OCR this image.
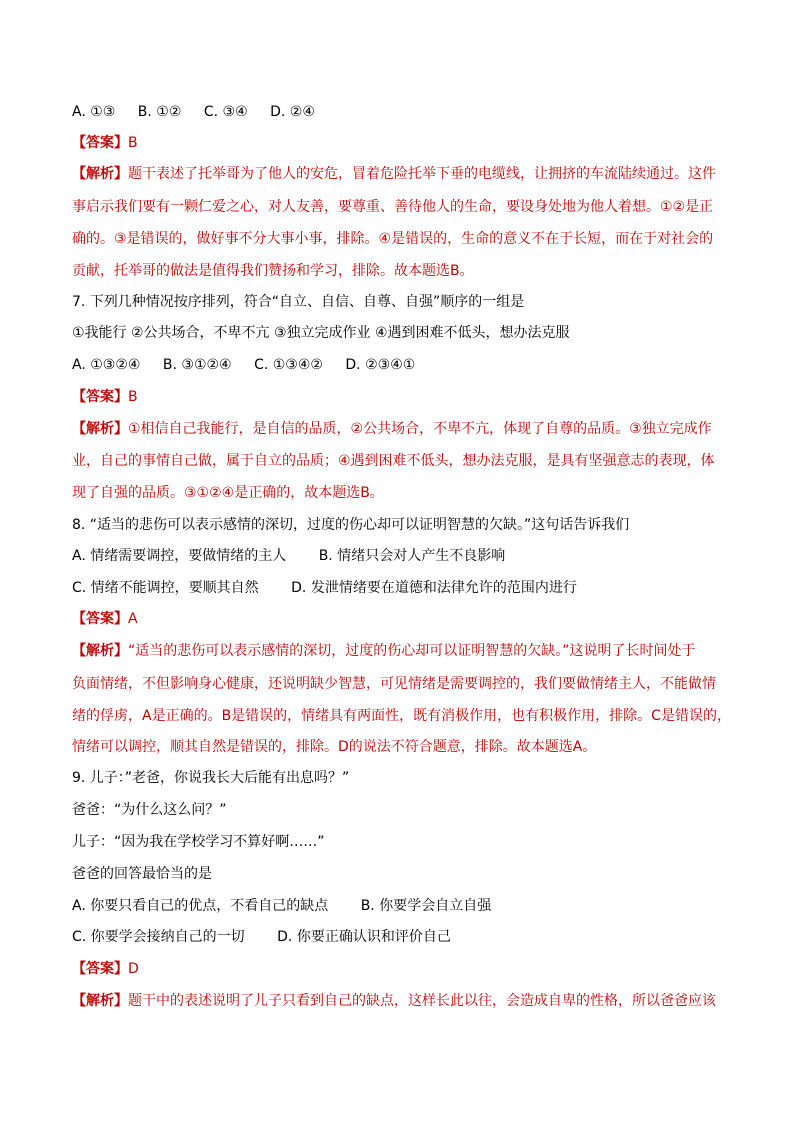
A. ①③ B. ①② C. ③④ D. ②④
【答案】B
【解析】题干表述了托举哥为了他人的安危，冒着危险托举下垂的电缆线，让拥挤的车流陆续通过。这件
事启示我们要有一颗仁爱之心，对人友善，要尊重、善待他人的生命，要设身处地为他人着想。①②是正
确的。③是错误的，做好事不分大事小事，排除。④是错误的，生命的意义不在于长短，而在于对社会的
贡献，托举哥的做法是值得我们赞扬和学习，排除。故本题选B。
7. 下列几种情况按序排列，符合“自立、自信、自尊、自强”顺序的一组是
①我能行 ②公共场合，不卑不亢 ③独立完成作业 ④遇到困难不低头，想办法克服
A. ①③②④ B. ③①②④ C. ①③④② D. ②③④①
【答案】B
【解析】①相信自己我能行，是自信的品质，②公共场合，不卑不亢，体现了自尊的品质。③独立完成作
业，自己的事情自己做，属于自立的品质；④遇到困难不低头，想办法克服，是具有坚强意志的表现，体
现了自强的品质。③①②④是正确的，故本题选B。
8. “适当的悲伤可以表示感情的深切，过度的伤心却可以证明智慧的欠缺。”这句话告诉我们
A. 情绪需要调控，要做情绪的主人 B. 情绪只会对人产生不良影响
C. 情绪不能调控，要顺其自然 D. 发泄情绪要在道德和法律允许的范围内进行
【答案】A
【解析】“适当的悲伤可以表示感情的深切，过度的伤心却可以证明智慧的欠缺。”这说明了长时间处于
负面情绪，不但影响身心健康，还说明缺少智慧，可见情绪是需要调控的，我们要做情绪主人，不能做情
绪的俘虏，A是正确的。B是错误的，情绪具有两面性，既有消极作用，也有积极作用，排除。C是错误的，
情绪可以调控，顺其自然是错误的，排除。D的说法不符合题意，排除。故本题选A。
9. 儿子：”老爸，你说我长大后能有出息吗？”
爸爸：“为什么这么问？”
儿子：“因为我在学校学习不算好啊……”
爸爸的回答最恰当的是
A. 你要只看自己的优点，不看自己的缺点 B. 你要学会自立自强
C. 你要学会接纳自己的一切 D. 你要正确认识和评价自己
【答案】D
【解析】题干中的表述说明了儿子只看到自己的缺点，这样长此以往，会造成自卑的性格，所以爸爸应该
